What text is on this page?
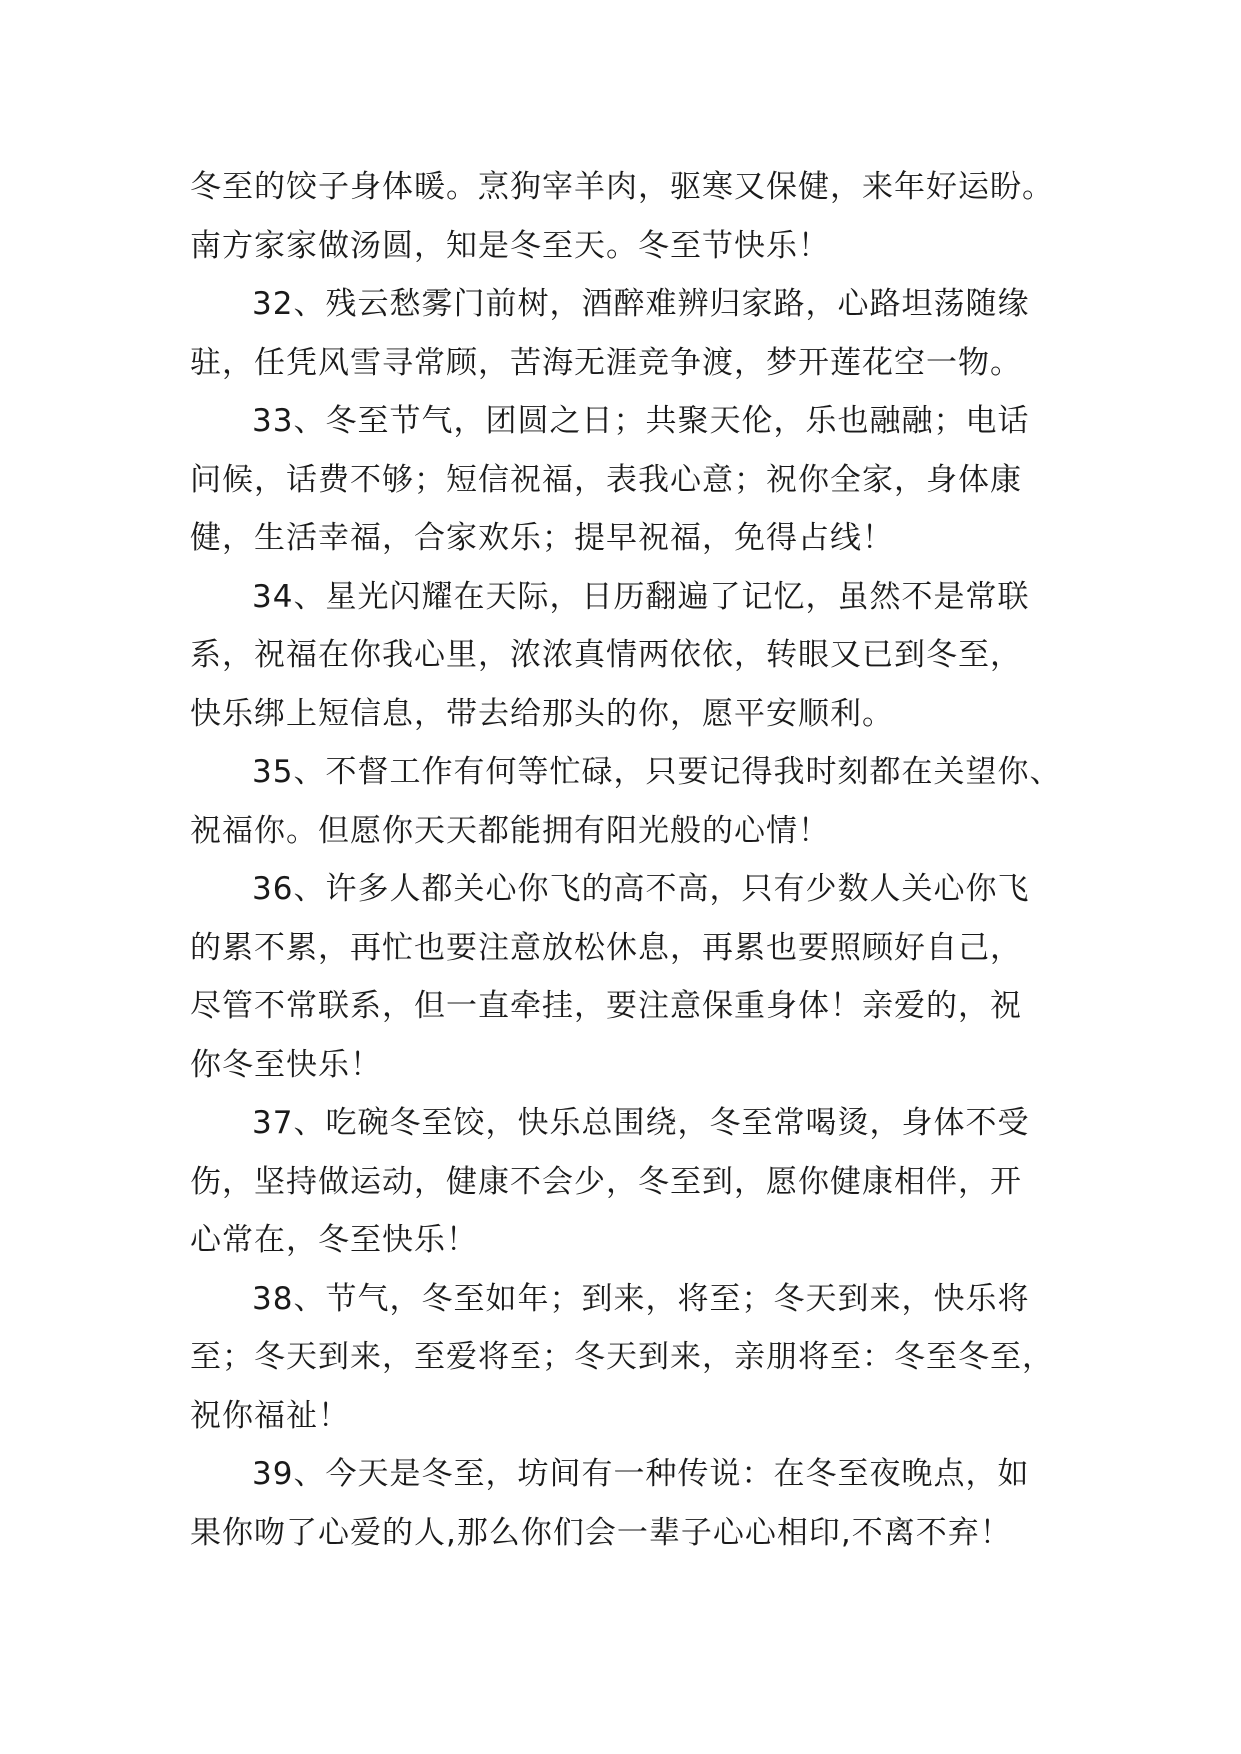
冬至的饺子身体暖。烹狗宰羊肉，驱寒又保健，来年好运盼。
南方家家做汤圆，知是冬至天。冬至节快乐！
32、残云愁雾门前树，酒醉难辨归家路，心路坦荡随缘
驻，任凭风雪寻常顾，苦海无涯竞争渡，梦开莲花空一物。
33、冬至节气，团圆之日；共聚天伦，乐也融融；电话
问候，话费不够；短信祝福，表我心意；祝你全家，身体康
健，生活幸福，合家欢乐；提早祝福，免得占线！
34、星光闪耀在天际，日历翻遍了记忆，虽然不是常联
系，祝福在你我心里，浓浓真情两依依，转眼又已到冬至，
快乐绑上短信息，带去给那头的你，愿平安顺利。
35、不督工作有何等忙碌，只要记得我时刻都在关望你、
祝福你。但愿你天天都能拥有阳光般的心情！
36、许多人都关心你飞的高不高，只有少数人关心你飞
的累不累，再忙也要注意放松休息，再累也要照顾好自己，
尽管不常联系，但一直牵挂，要注意保重身体！亲爱的，祝
你冬至快乐！
37、吃碗冬至饺，快乐总围绕，冬至常喝烫，身体不受
伤，坚持做运动，健康不会少，冬至到，愿你健康相伴，开
心常在，冬至快乐！
38、节气，冬至如年；到来，将至；冬天到来，快乐将
至；冬天到来，至爱将至；冬天到来，亲朋将至：冬至冬至，
祝你福祉！
39、今天是冬至，坊间有一种传说：在冬至夜晚点，如
果你吻了心爱的人,那么你们会一辈子心心相印,不离不弃！
